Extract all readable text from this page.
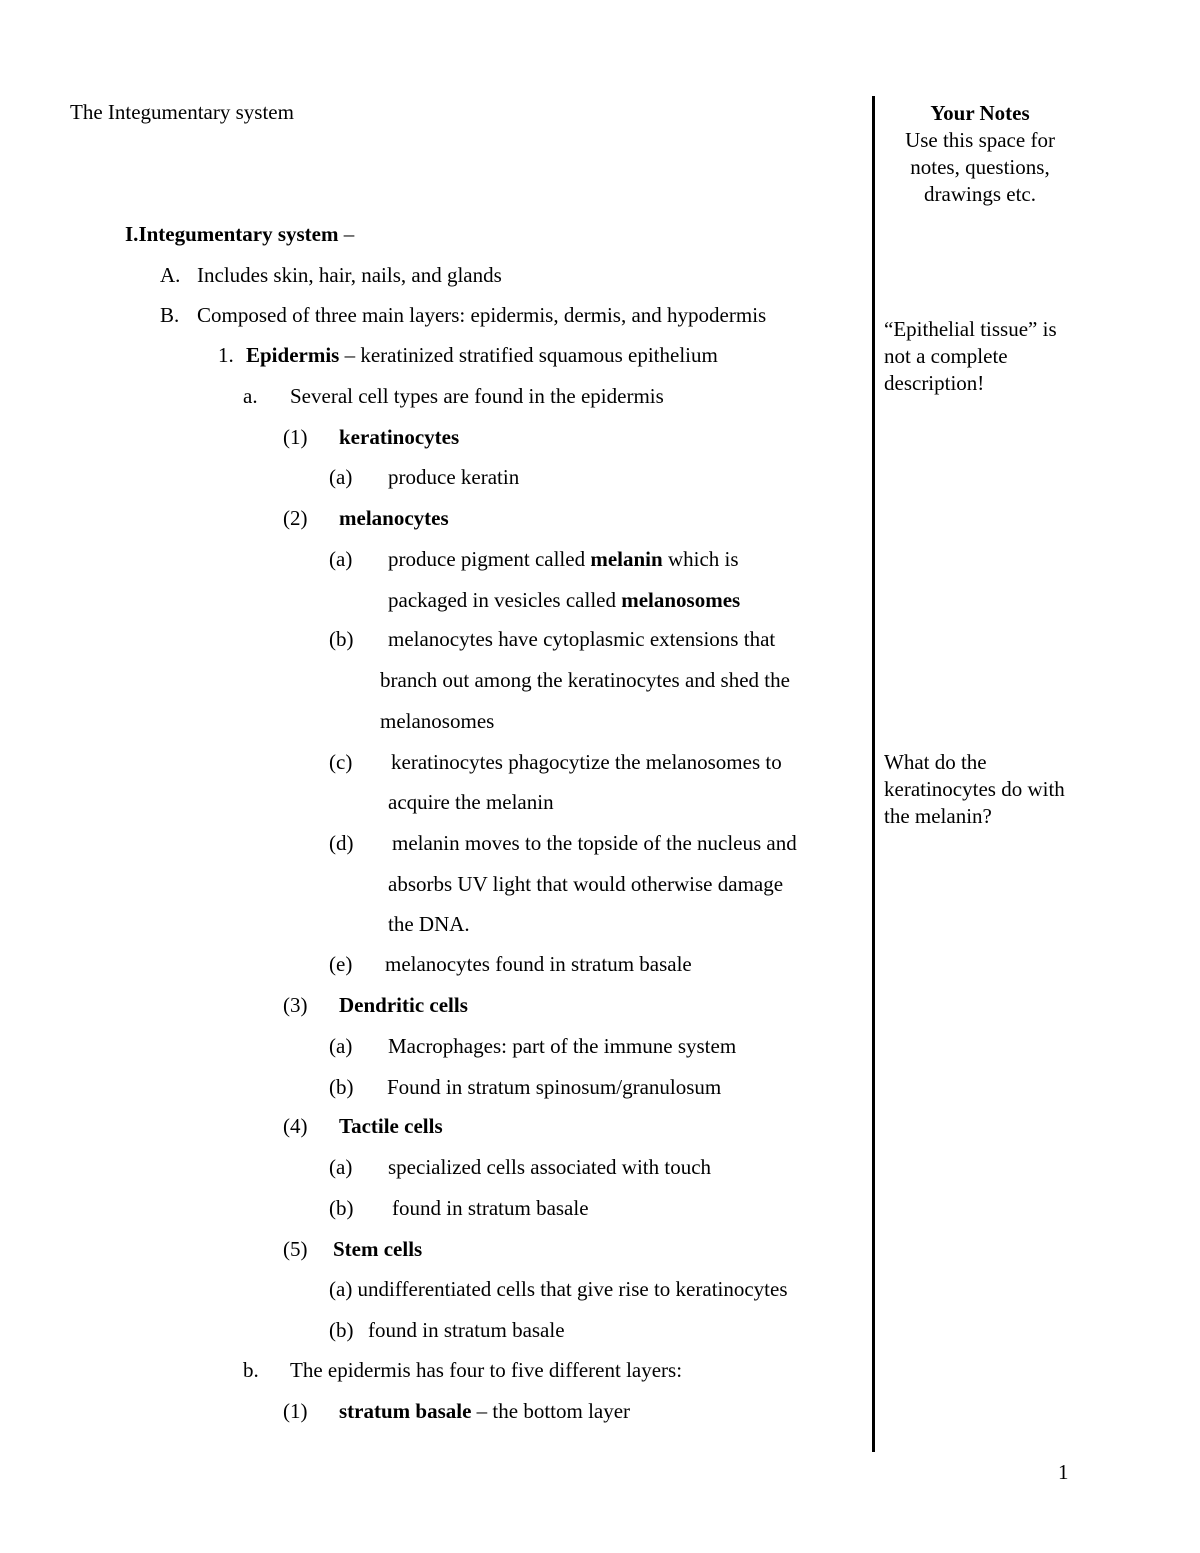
The Integumentary system	Your Notes
Use this space for
notes, questions,
drawings etc.
I.Integumentary system –
A. Includes skin, hair, nails, and glands
B. Composed of three main layers: epidermis, dermis, and hypodermis
1. Epidermis – keratinized stratified squamous epithelium
a. Several cell types are found in the epidermis
(1) keratinocytes
(a) produce keratin
(2) melanocytes
(a) produce pigment called melanin which is
packaged in vesicles called melanosomes
(b) melanocytes have cytoplasmic extensions that
branch out among the keratinocytes and shed the
melanosomes
(c) keratinocytes phagocytize the melanosomes to
acquire the melanin
(d) melanin moves to the topside of the nucleus and
absorbs UV light that would otherwise damage
the DNA.
(e) melanocytes found in stratum basale
(3) Dendritic cells
(a) Macrophages: part of the immune system
(b) Found in stratum spinosum/granulosum
(4) Tactile cells
(a) specialized cells associated with touch
(b) found in stratum basale
(5) Stem cells
(a) undifferentiated cells that give rise to keratinocytes
(b) found in stratum basale
b. The epidermis has four to five different layers:
(1) stratum basale – the bottom layer
“Epithelial tissue” is not a complete description!
What do the keratinocytes do with the melanin?
1
